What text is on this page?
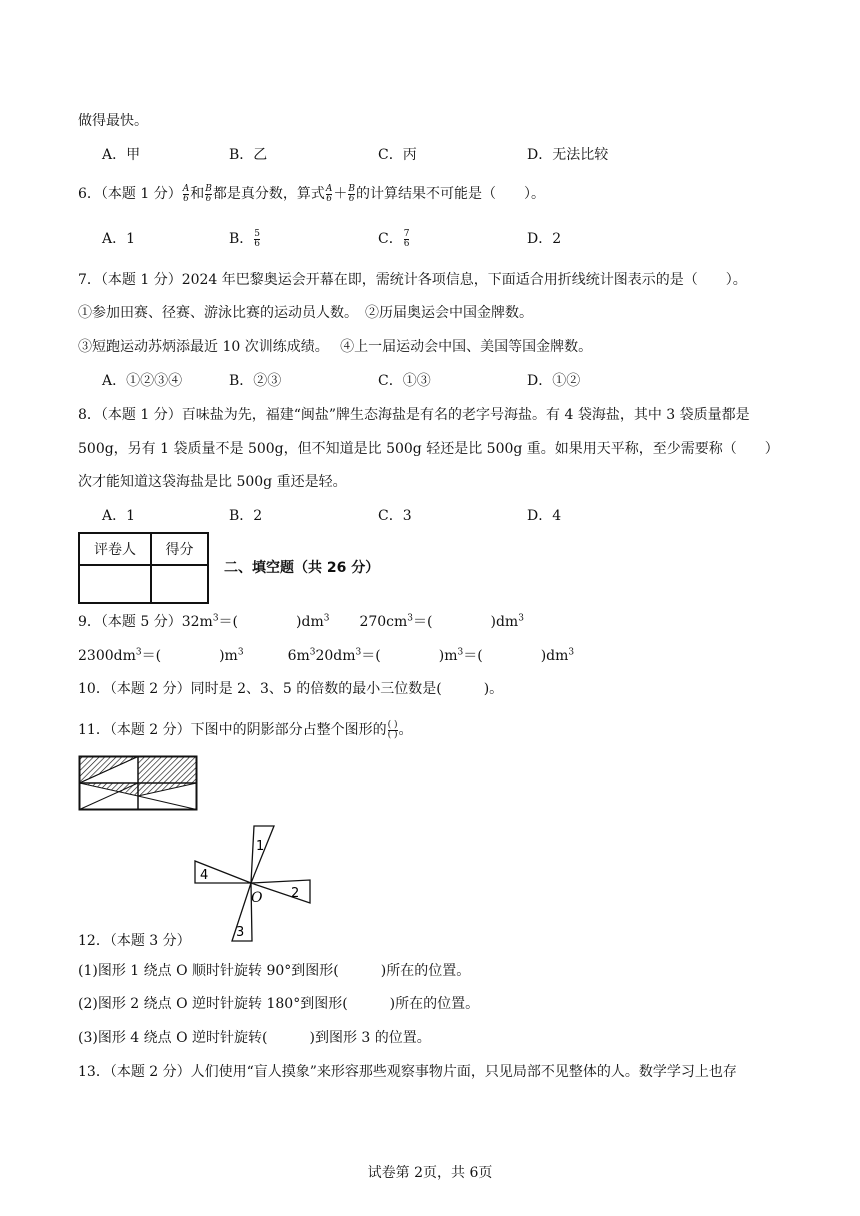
做得最快。
A．甲	B．乙	C．丙	D．无法比较
6．（本题 1 分） $\frac{A}{6}$ 和 $\frac{B}{6}$ 都是真分数，算式 $\frac{A}{6} + \frac{B}{6}$ 的计算结果不可能是（　　）。
A．1	B． $\frac{5}{6}$	C． $\frac{7}{6}$	D．2
7．（本题 1 分）2024 年巴黎奥运会开幕在即，需统计各项信息，下面适合用折线统计图表示的是（　　）。
①参加田赛、径赛、游泳比赛的运动员人数。　②历届奥运会中国金牌数。
③短跑运动苏炳添最近 10 次训练成绩。　 ④上一届运动会中国、美国等国金牌数。
A．①②③④	B．②③	C．①③	D．①②
8．（本题 1 分）百味盐为先，福建“闽盐”牌生态海盐是有名的老字号海盐。有 4 袋海盐，其中 3 袋质量都是
500g，另有 1 袋质量不是 500g，但不知道是比 500g 轻还是比 500g 重。如果用天平称，至少需要称（　　）
次才能知道这袋海盐是比 500g 重还是轻。
A．1	B．2	C．3	D．4
评卷人	得分

二、填空题（共 26 分）
9．（本题 5 分）$32m^3=$(	)$dm^3$ $270cm^3=$(	)$dm^3$
$2300dm^3=$(	)$m^3$	$6m^320dm^3=$(	)$m^3=$(	)$dm^3$
10．（本题 2 分）同时是 2、3、5 的倍数的最小三位数是(　　　)。
11．（本题 2 分）下图中的阴影部分占整个图形的 $\frac{( )}{( )}$ 。
1
2
3
4
O
12．（本题 3 分）
(1)图形 1 绕点 O 顺时针旋转 90°到图形(　　　)所在的位置。
(2)图形 2 绕点 O 逆时针旋转 180°到图形(　　　)所在的位置。
(3)图形 4 绕点 O 逆时针旋转(　　　)到图形 3 的位置。
13．（本题 2 分）人们使用“盲人摸象”来形容那些观察事物片面，只见局部不见整体的人。数学学习上也存
试卷第 2页，共 6页
